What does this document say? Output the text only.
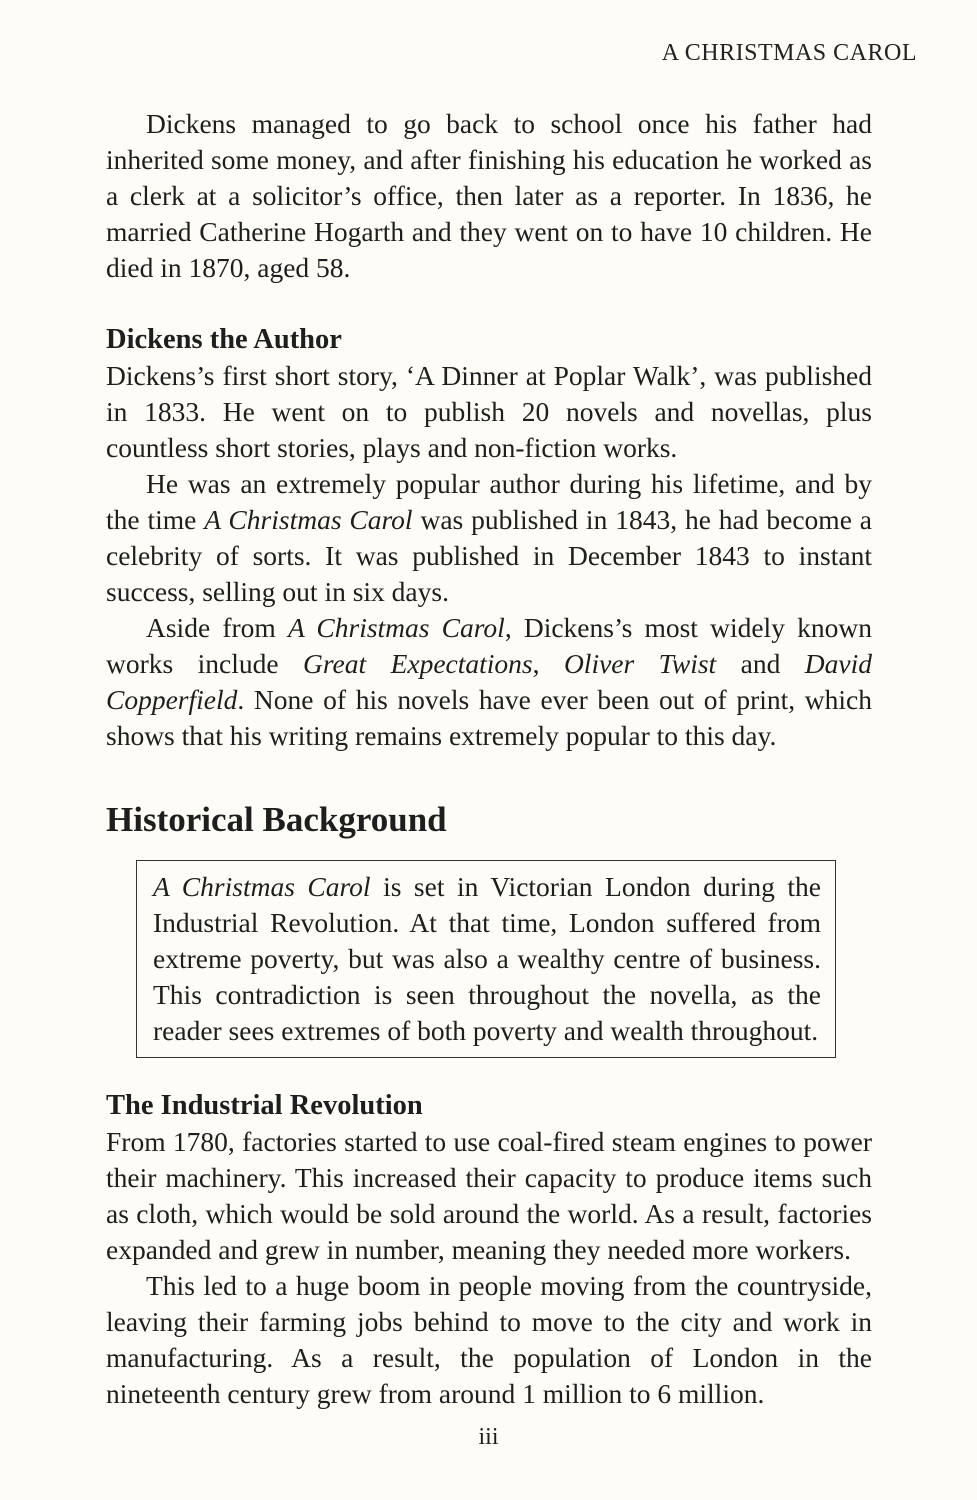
A CHRISTMAS CAROL

Dickens managed to go back to school once his father had inherited some money, and after finishing his education he worked as a clerk at a solicitor’s office, then later as a reporter. In 1836, he married Catherine Hogarth and they went on to have 10 children. He died in 1870, aged 58.

Dickens the Author

Dickens’s first short story, ‘A Dinner at Poplar Walk’, was published in 1833. He went on to publish 20 novels and novellas, plus countless short stories, plays and non-fiction works.

He was an extremely popular author during his lifetime, and by the time A Christmas Carol was published in 1843, he had become a celebrity of sorts. It was published in December 1843 to instant success, selling out in six days.

Aside from A Christmas Carol, Dickens’s most widely known works include Great Expectations, Oliver Twist and David Copperfield. None of his novels have ever been out of print, which shows that his writing remains extremely popular to this day.

Historical Background

A Christmas Carol is set in Victorian London during the Industrial Revolution. At that time, London suffered from extreme poverty, but was also a wealthy centre of business. This contradiction is seen throughout the novella, as the reader sees extremes of both poverty and wealth throughout.

The Industrial Revolution

From 1780, factories started to use coal-fired steam engines to power their machinery. This increased their capacity to produce items such as cloth, which would be sold around the world. As a result, factories expanded and grew in number, meaning they needed more workers.

This led to a huge boom in people moving from the countryside, leaving their farming jobs behind to move to the city and work in manufacturing. As a result, the population of London in the nineteenth century grew from around 1 million to 6 million.

iii
